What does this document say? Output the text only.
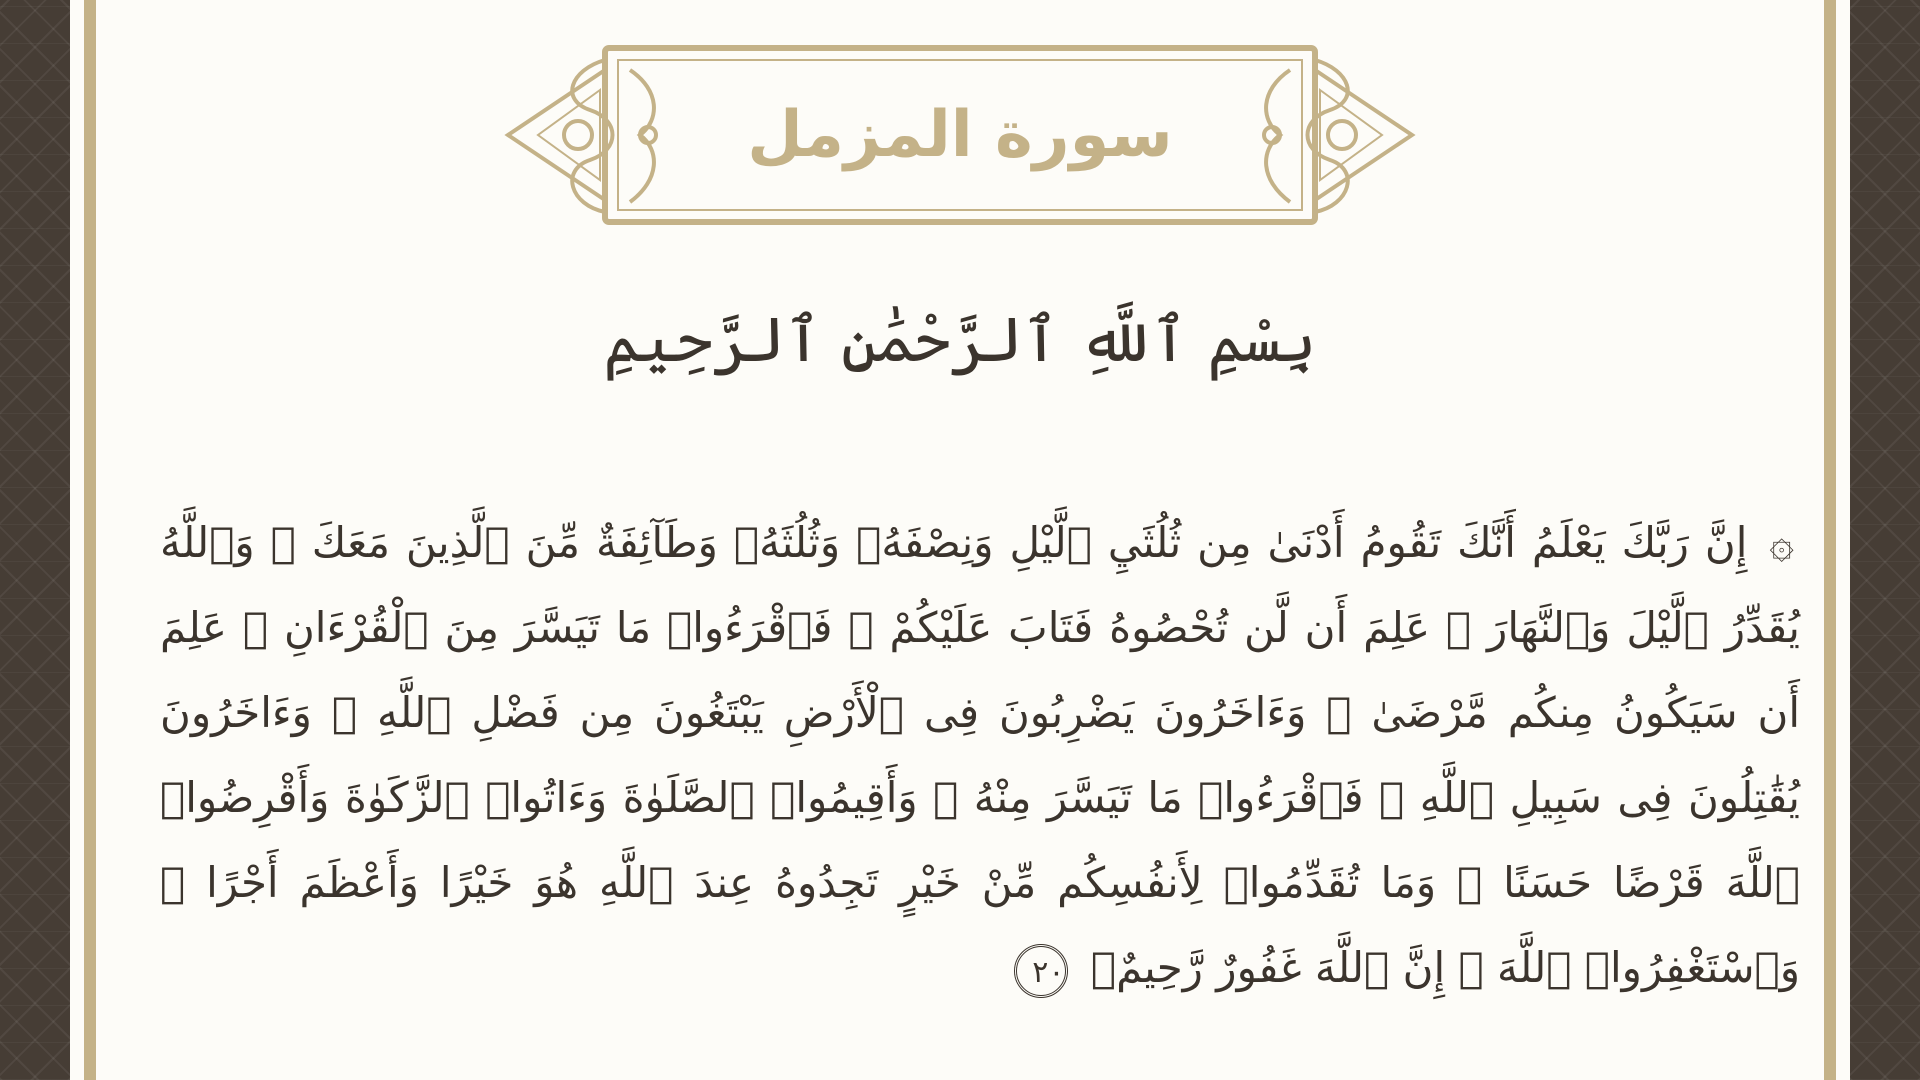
سورة المزمل
بِسْمِ ٱللَّهِ ٱلرَّحْمَٰنِ ٱلرَّحِيمِ
۞ إِنَّ رَبَّكَ يَعْلَمُ أَنَّكَ تَقُومُ أَدْنَىٰ مِن ثُلُثَيِ ٱلَّيْلِ وَنِصْفَهُۥ وَثُلُثَهُۥ وَطَآئِفَةٌ مِّنَ ٱلَّذِينَ مَعَكَ ۚ وَٱللَّهُ يُقَدِّرُ ٱلَّيْلَ وَٱلنَّهَارَ ۚ عَلِمَ أَن لَّن تُحْصُوهُ فَتَابَ عَلَيْكُمْ ۖ فَٱقْرَءُوا۟ مَا تَيَسَّرَ مِنَ ٱلْقُرْءَانِ ۚ عَلِمَ أَن سَيَكُونُ مِنكُم مَّرْضَىٰ ۙ وَءَاخَرُونَ يَضْرِبُونَ فِى ٱلْأَرْضِ يَبْتَغُونَ مِن فَضْلِ ٱللَّهِ ۙ وَءَاخَرُونَ يُقَٰتِلُونَ فِى سَبِيلِ ٱللَّهِ ۖ فَٱقْرَءُوا۟ مَا تَيَسَّرَ مِنْهُ ۚ وَأَقِيمُوا۟ ٱلصَّلَوٰةَ وَءَاتُوا۟ ٱلزَّكَوٰةَ وَأَقْرِضُوا۟ ٱللَّهَ قَرْضًا حَسَنًا ۚ وَمَا تُقَدِّمُوا۟ لِأَنفُسِكُم مِّنْ خَيْرٍ تَجِدُوهُ عِندَ ٱللَّهِ هُوَ خَيْرًا وَأَعْظَمَ أَجْرًا ۚ وَٱسْتَغْفِرُوا۟ ٱللَّهَ ۖ إِنَّ ٱللَّهَ غَفُورٌ رَّحِيمٌۢ ٢٠
